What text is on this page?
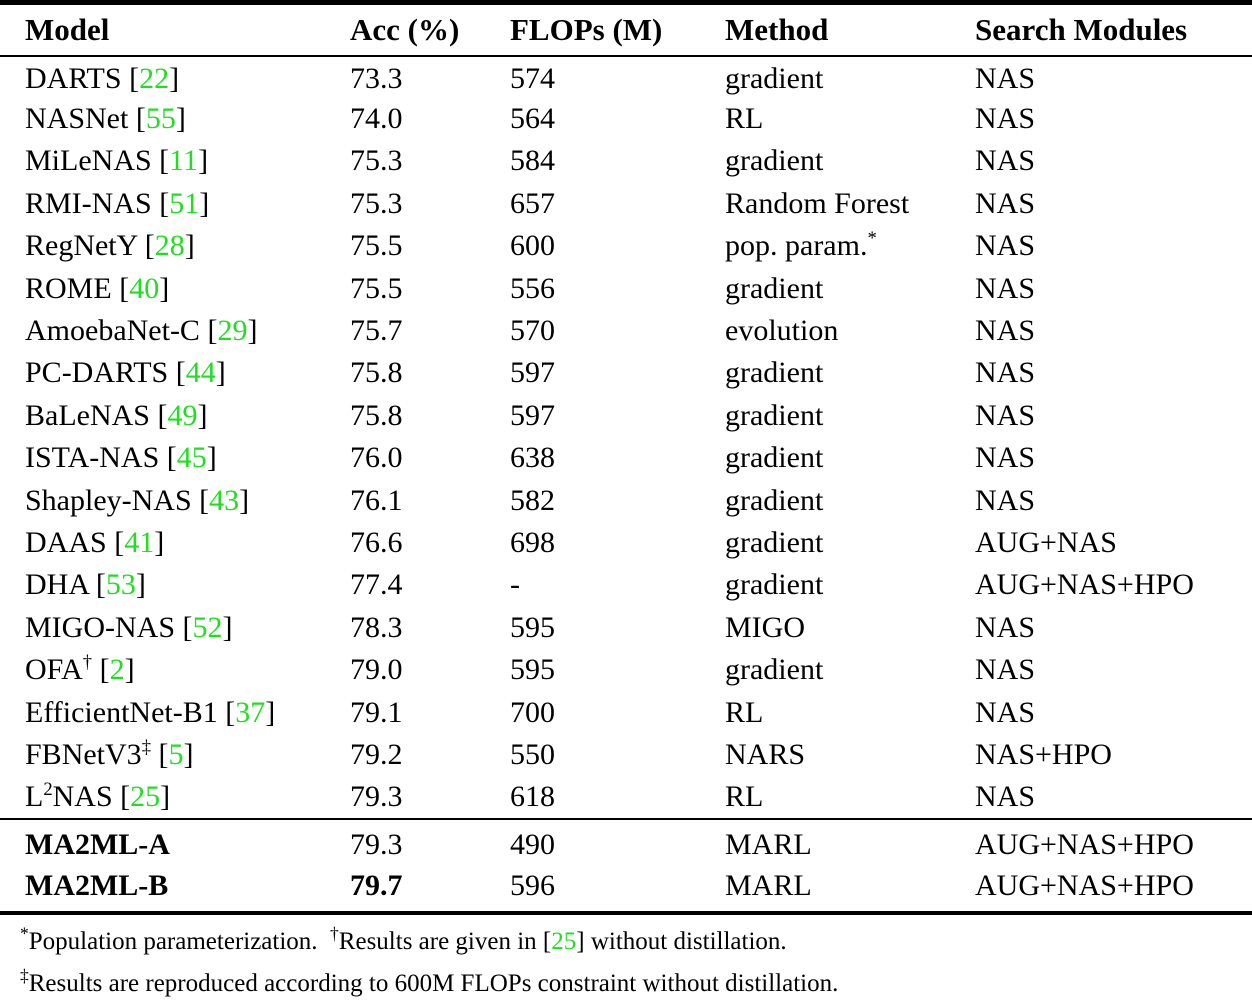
Model	Acc (%)	FLOPs (M)	Method	Search Modules
DARTS [22]	73.3	574	gradient	NAS
NASNet [55]	74.0	564	RL	NAS
MiLeNAS [11]	75.3	584	gradient	NAS
RMI-NAS [51]	75.3	657	Random Forest	NAS
RegNetY [28]	75.5	600	pop. param.*	NAS
ROME [40]	75.5	556	gradient	NAS
AmoebaNet-C [29]	75.7	570	evolution	NAS
PC-DARTS [44]	75.8	597	gradient	NAS
BaLeNAS [49]	75.8	597	gradient	NAS
ISTA-NAS [45]	76.0	638	gradient	NAS
Shapley-NAS [43]	76.1	582	gradient	NAS
DAAS [41]	76.6	698	gradient	AUG+NAS
DHA [53]	77.4	-	gradient	AUG+NAS+HPO
MIGO-NAS [52]	78.3	595	MIGO	NAS
OFA† [2]	79.0	595	gradient	NAS
EfficientNet-B1 [37]	79.1	700	RL	NAS
FBNetV3‡ [5]	79.2	550	NARS	NAS+HPO
$L^2NAS$ [25]	79.3	618	RL	NAS
MA2ML-A	79.3	490	MARL	AUG+NAS+HPO
MA2ML-B	79.7	596	MARL	AUG+NAS+HPO
*Population parameterization.  †Results are given in [25] without distillation.
‡Results are reproduced according to 600M FLOPs constraint without distillation.
